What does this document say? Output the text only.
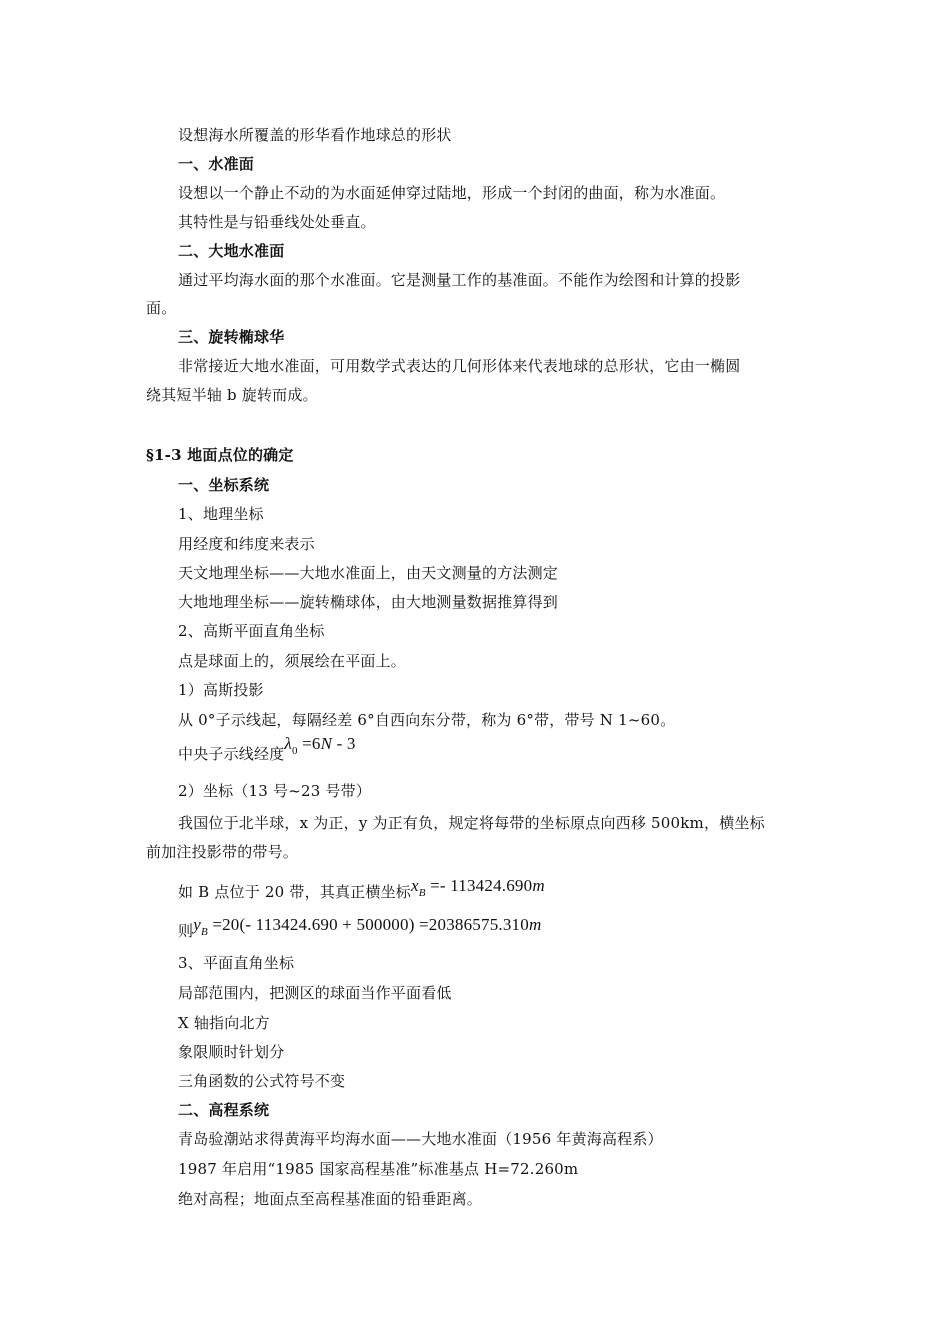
设想海水所覆盖的形华看作地球总的形状
一、水准面
设想以一个静止不动的为水面延伸穿过陆地，形成一个封闭的曲面，称为水准面。
其特性是与铅垂线处处垂直。
二、大地水准面
通过平均海水面的那个水准面。它是测量工作的基准面。不能作为绘图和计算的投影
面。
三、旋转椭球华
非常接近大地水准面，可用数学式表达的几何形体来代表地球的总形状，它由一椭圆
绕其短半轴 b 旋转而成。
§1-3 地面点位的确定
一、坐标系统
1、地理坐标
用经度和纬度来表示
天文地理坐标——大地水准面上，由天文测量的方法测定
大地地理坐标——旋转椭球体，由大地测量数据推算得到
2、高斯平面直角坐标
点是球面上的，须展绘在平面上。
1）高斯投影
从 0°子示线起，每隔经差 6°自西向东分带，称为 6°带，带号 N 1~60。
中央子示线经度$\lambda_0 =6N - 3$
2）坐标（13 号~23 号带）
我国位于北半球，x 为正，y 为正有负，规定将每带的坐标原点向西移 500km，横坐标
前加注投影带的带号。
如 B 点位于 20 带，其真正横坐标$x_B =- 113424.690m$
则$y_B =20(-$ 113424.690 + 500000) =20386575.310m
3、平面直角坐标
局部范围内，把测区的球面当作平面看低
X 轴指向北方
象限顺时针划分
三角函数的公式符号不变
二、高程系统
青岛验潮站求得黄海平均海水面——大地水准面（1956 年黄海高程系）
1987 年启用“1985 国家高程基准”标准基点 H=72.260m
绝对高程；地面点至高程基准面的铅垂距离。
